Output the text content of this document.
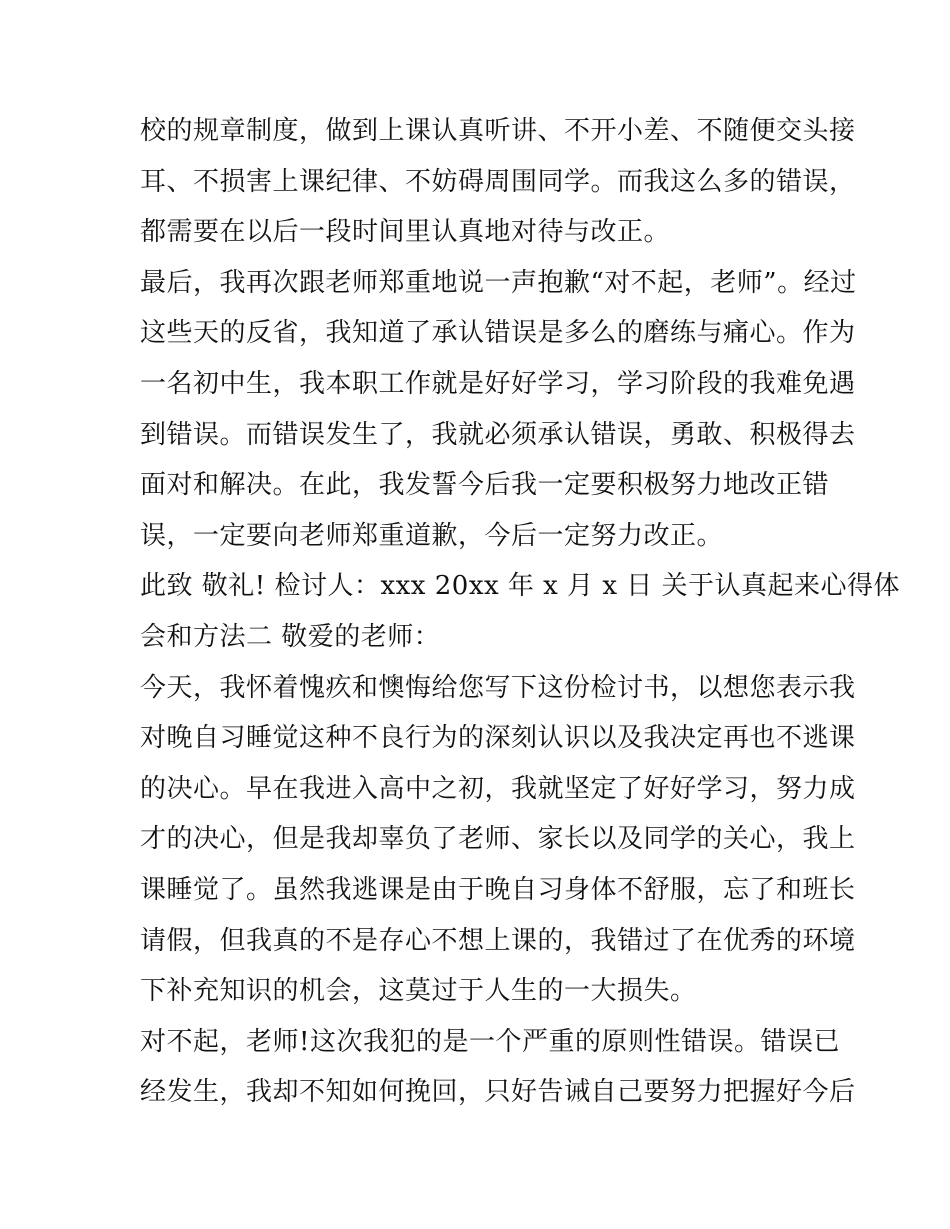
校的规章制度，做到上课认真听讲、不开小差、不随便交头接
耳、不损害上课纪律、不妨碍周围同学。而我这么多的错误，
都需要在以后一段时间里认真地对待与改正。

最后，我再次跟老师郑重地说一声抱歉“对不起，老师”。经过
这些天的反省，我知道了承认错误是多么的磨练与痛心。作为
一名初中生，我本职工作就是好好学习，学习阶段的我难免遇
到错误。而错误发生了，我就必须承认错误，勇敢、积极得去
面对和解决。在此，我发誓今后我一定要积极努力地改正错
误，一定要向老师郑重道歉，今后一定努力改正。

此致 敬礼! 检讨人：xxx 20xx 年 x 月 x 日 关于认真起来心得体
会和方法二 敬爱的老师：

今天，我怀着愧疚和懊悔给您写下这份检讨书，以想您表示我
对晚自习睡觉这种不良行为的深刻认识以及我决定再也不逃课
的决心。早在我进入高中之初，我就坚定了好好学习，努力成
才的决心，但是我却辜负了老师、家长以及同学的关心，我上
课睡觉了。虽然我逃课是由于晚自习身体不舒服，忘了和班长
请假，但我真的不是存心不想上课的，我错过了在优秀的环境
下补充知识的机会，这莫过于人生的一大损失。

对不起，老师!这次我犯的是一个严重的原则性错误。错误已
经发生，我却不知如何挽回，只好告诫自己要努力把握好今后
